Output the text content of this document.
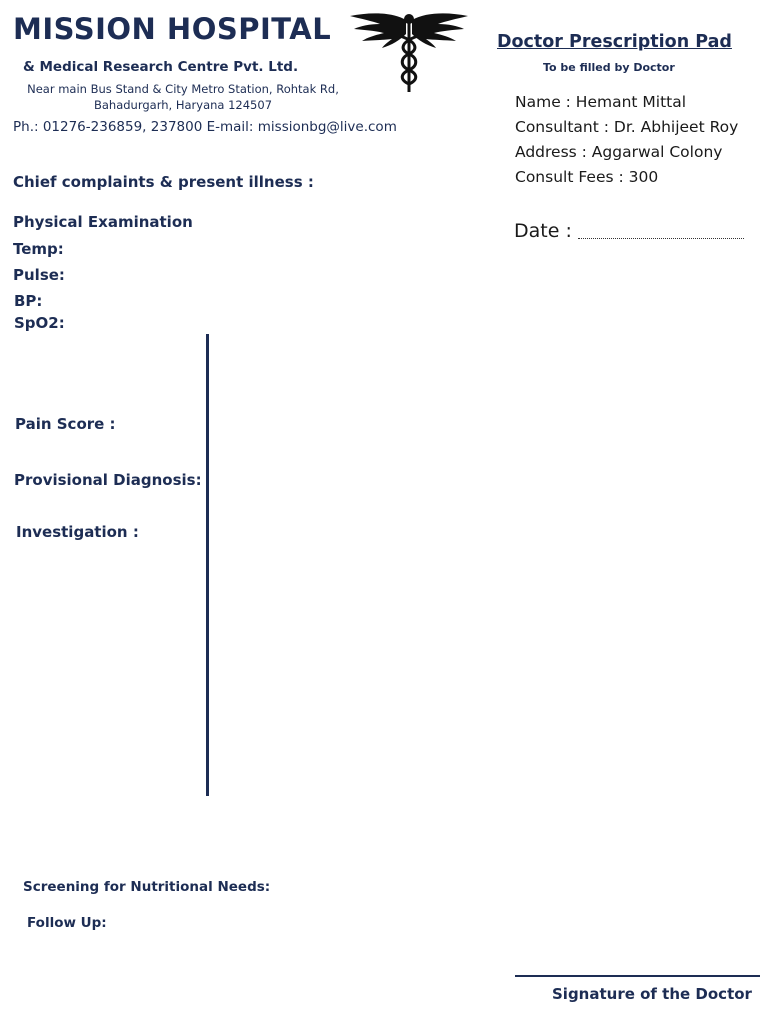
MISSION HOSPITAL
& Medical Research Centre Pvt. Ltd.
Near main Bus Stand & City Metro Station, Rohtak Rd,
Bahadurgarh, Haryana 124507
Ph.: 01276-236859, 237800 E-mail: missionbg@live.com
Doctor Prescription Pad
To be filled by Doctor
Name : Hemant Mittal
Consultant : Dr. Abhijeet Roy
Address : Aggarwal Colony
Consult Fees : 300
Date :
Chief complaints & present illness :
Physical Examination
Temp:
Pulse:
BP:
SpO2:
Pain Score :
Provisional Diagnosis:
Investigation :
Screening for Nutritional Needs:
Follow Up:
Signature of the Doctor
